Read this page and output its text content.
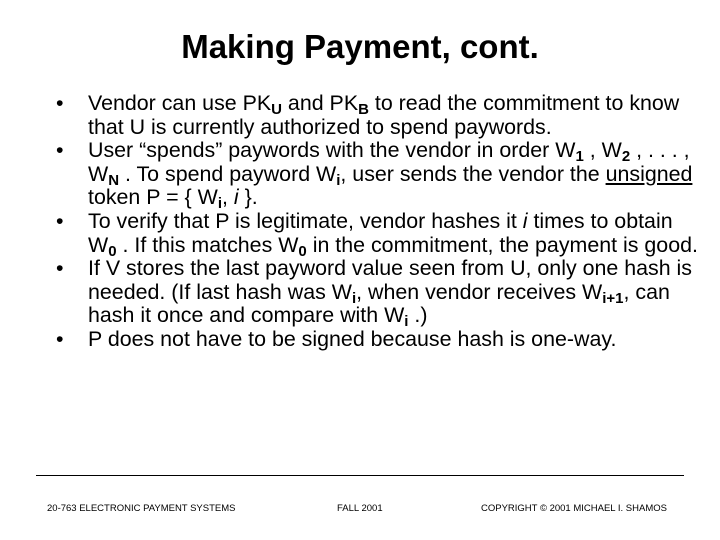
Making Payment, cont.
• Vendor can use $PK_U$ and $PK_B$ to read the commitment to know that U is currently authorized to spend paywords.
• User “spends” paywords with the vendor in order $W_1$ , $W_2$ , . . . , $W_N$ . To spend payword $W_i$, user sends the vendor the unsigned token P = { $W_i$, i }.
• To verify that P is legitimate, vendor hashes it i times to obtain $W_0$ . If this matches $W_0$ in the commitment, the payment is good.
• If V stores the last payword value seen from U, only one hash is needed. (If last hash was $W_i$, when vendor receives $W_{i+1}$, can hash it once and compare with $W_i$ .)
• P does not have to be signed because hash is one-way.
20-763 ELECTRONIC PAYMENT SYSTEMS	FALL 2001	COPYRIGHT © 2001 MICHAEL I. SHAMOS
